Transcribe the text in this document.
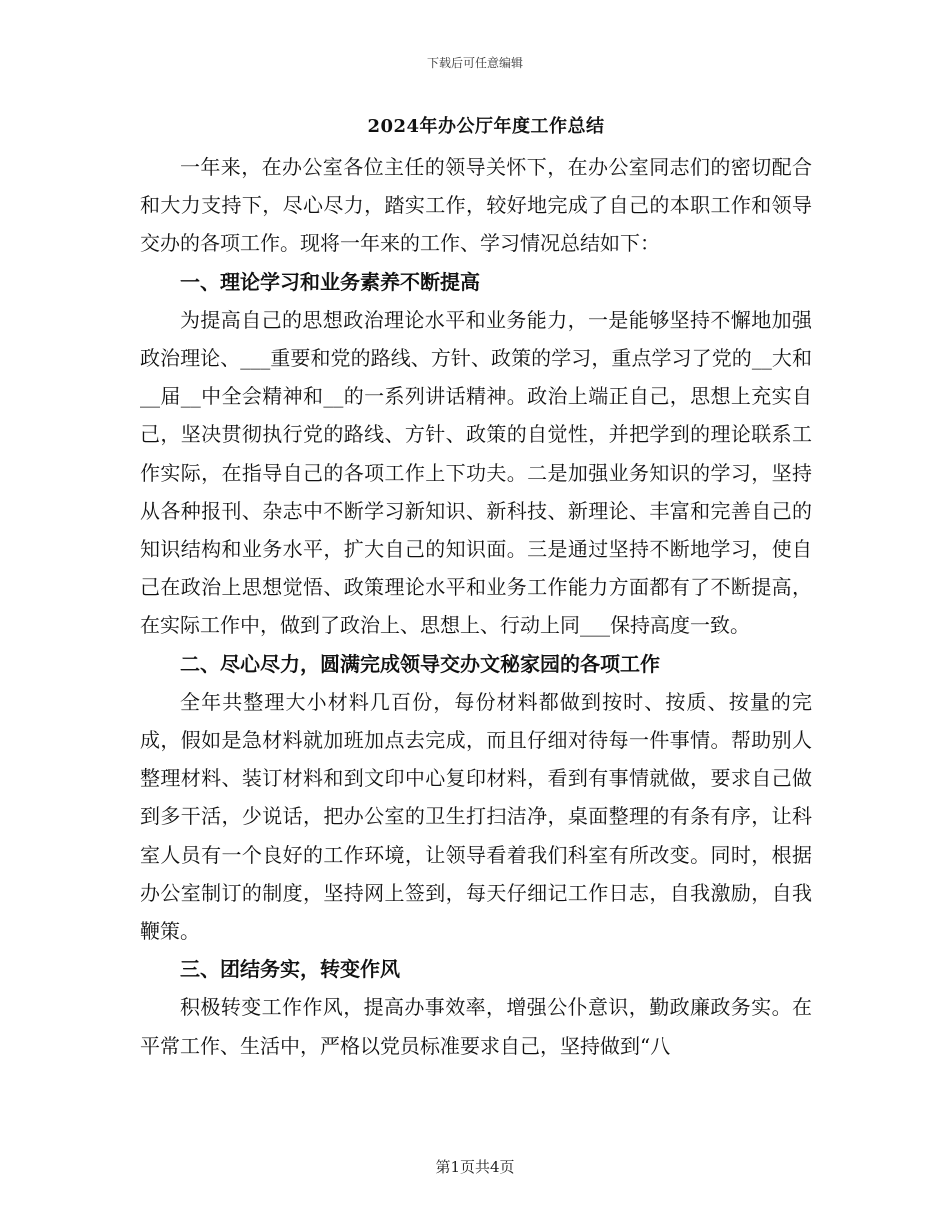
下载后可任意编辑
2024年办公厅年度工作总结

一年来，在办公室各位主任的领导关怀下，在办公室同志们的密切配合和大力支持下，尽心尽力，踏实工作，较好地完成了自己的本职工作和领导交办的各项工作。现将一年来的工作、学习情况总结如下：

一、理论学习和业务素养不断提高

为提高自己的思想政治理论水平和业务能力，一是能够坚持不懈地加强政治理论、___重要和党的路线、方针、政策的学习，重点学习了党的__大和__届__中全会精神和__的一系列讲话精神。政治上端正自己，思想上充实自己，坚决贯彻执行党的路线、方针、政策的自觉性，并把学到的理论联系工作实际，在指导自己的各项工作上下功夫。二是加强业务知识的学习，坚持从各种报刊、杂志中不断学习新知识、新科技、新理论、丰富和完善自己的知识结构和业务水平，扩大自己的知识面。三是通过坚持不断地学习，使自己在政治上思想觉悟、政策理论水平和业务工作能力方面都有了不断提高，在实际工作中，做到了政治上、思想上、行动上同___保持高度一致。

二、尽心尽力，圆满完成领导交办文秘家园的各项工作

全年共整理大小材料几百份，每份材料都做到按时、按质、按量的完成，假如是急材料就加班加点去完成，而且仔细对待每一件事情。帮助别人整理材料、装订材料和到文印中心复印材料，看到有事情就做，要求自己做到多干活，少说话，把办公室的卫生打扫洁净，桌面整理的有条有序，让科室人员有一个良好的工作环境，让领导看着我们科室有所改变。同时，根据办公室制订的制度，坚持网上签到，每天仔细记工作日志，自我激励，自我鞭策。

三、团结务实，转变作风

积极转变工作作风，提高办事效率，增强公仆意识，勤政廉政务实。在平常工作、生活中，严格以党员标准要求自己，坚持做到“八

第1页共4页
